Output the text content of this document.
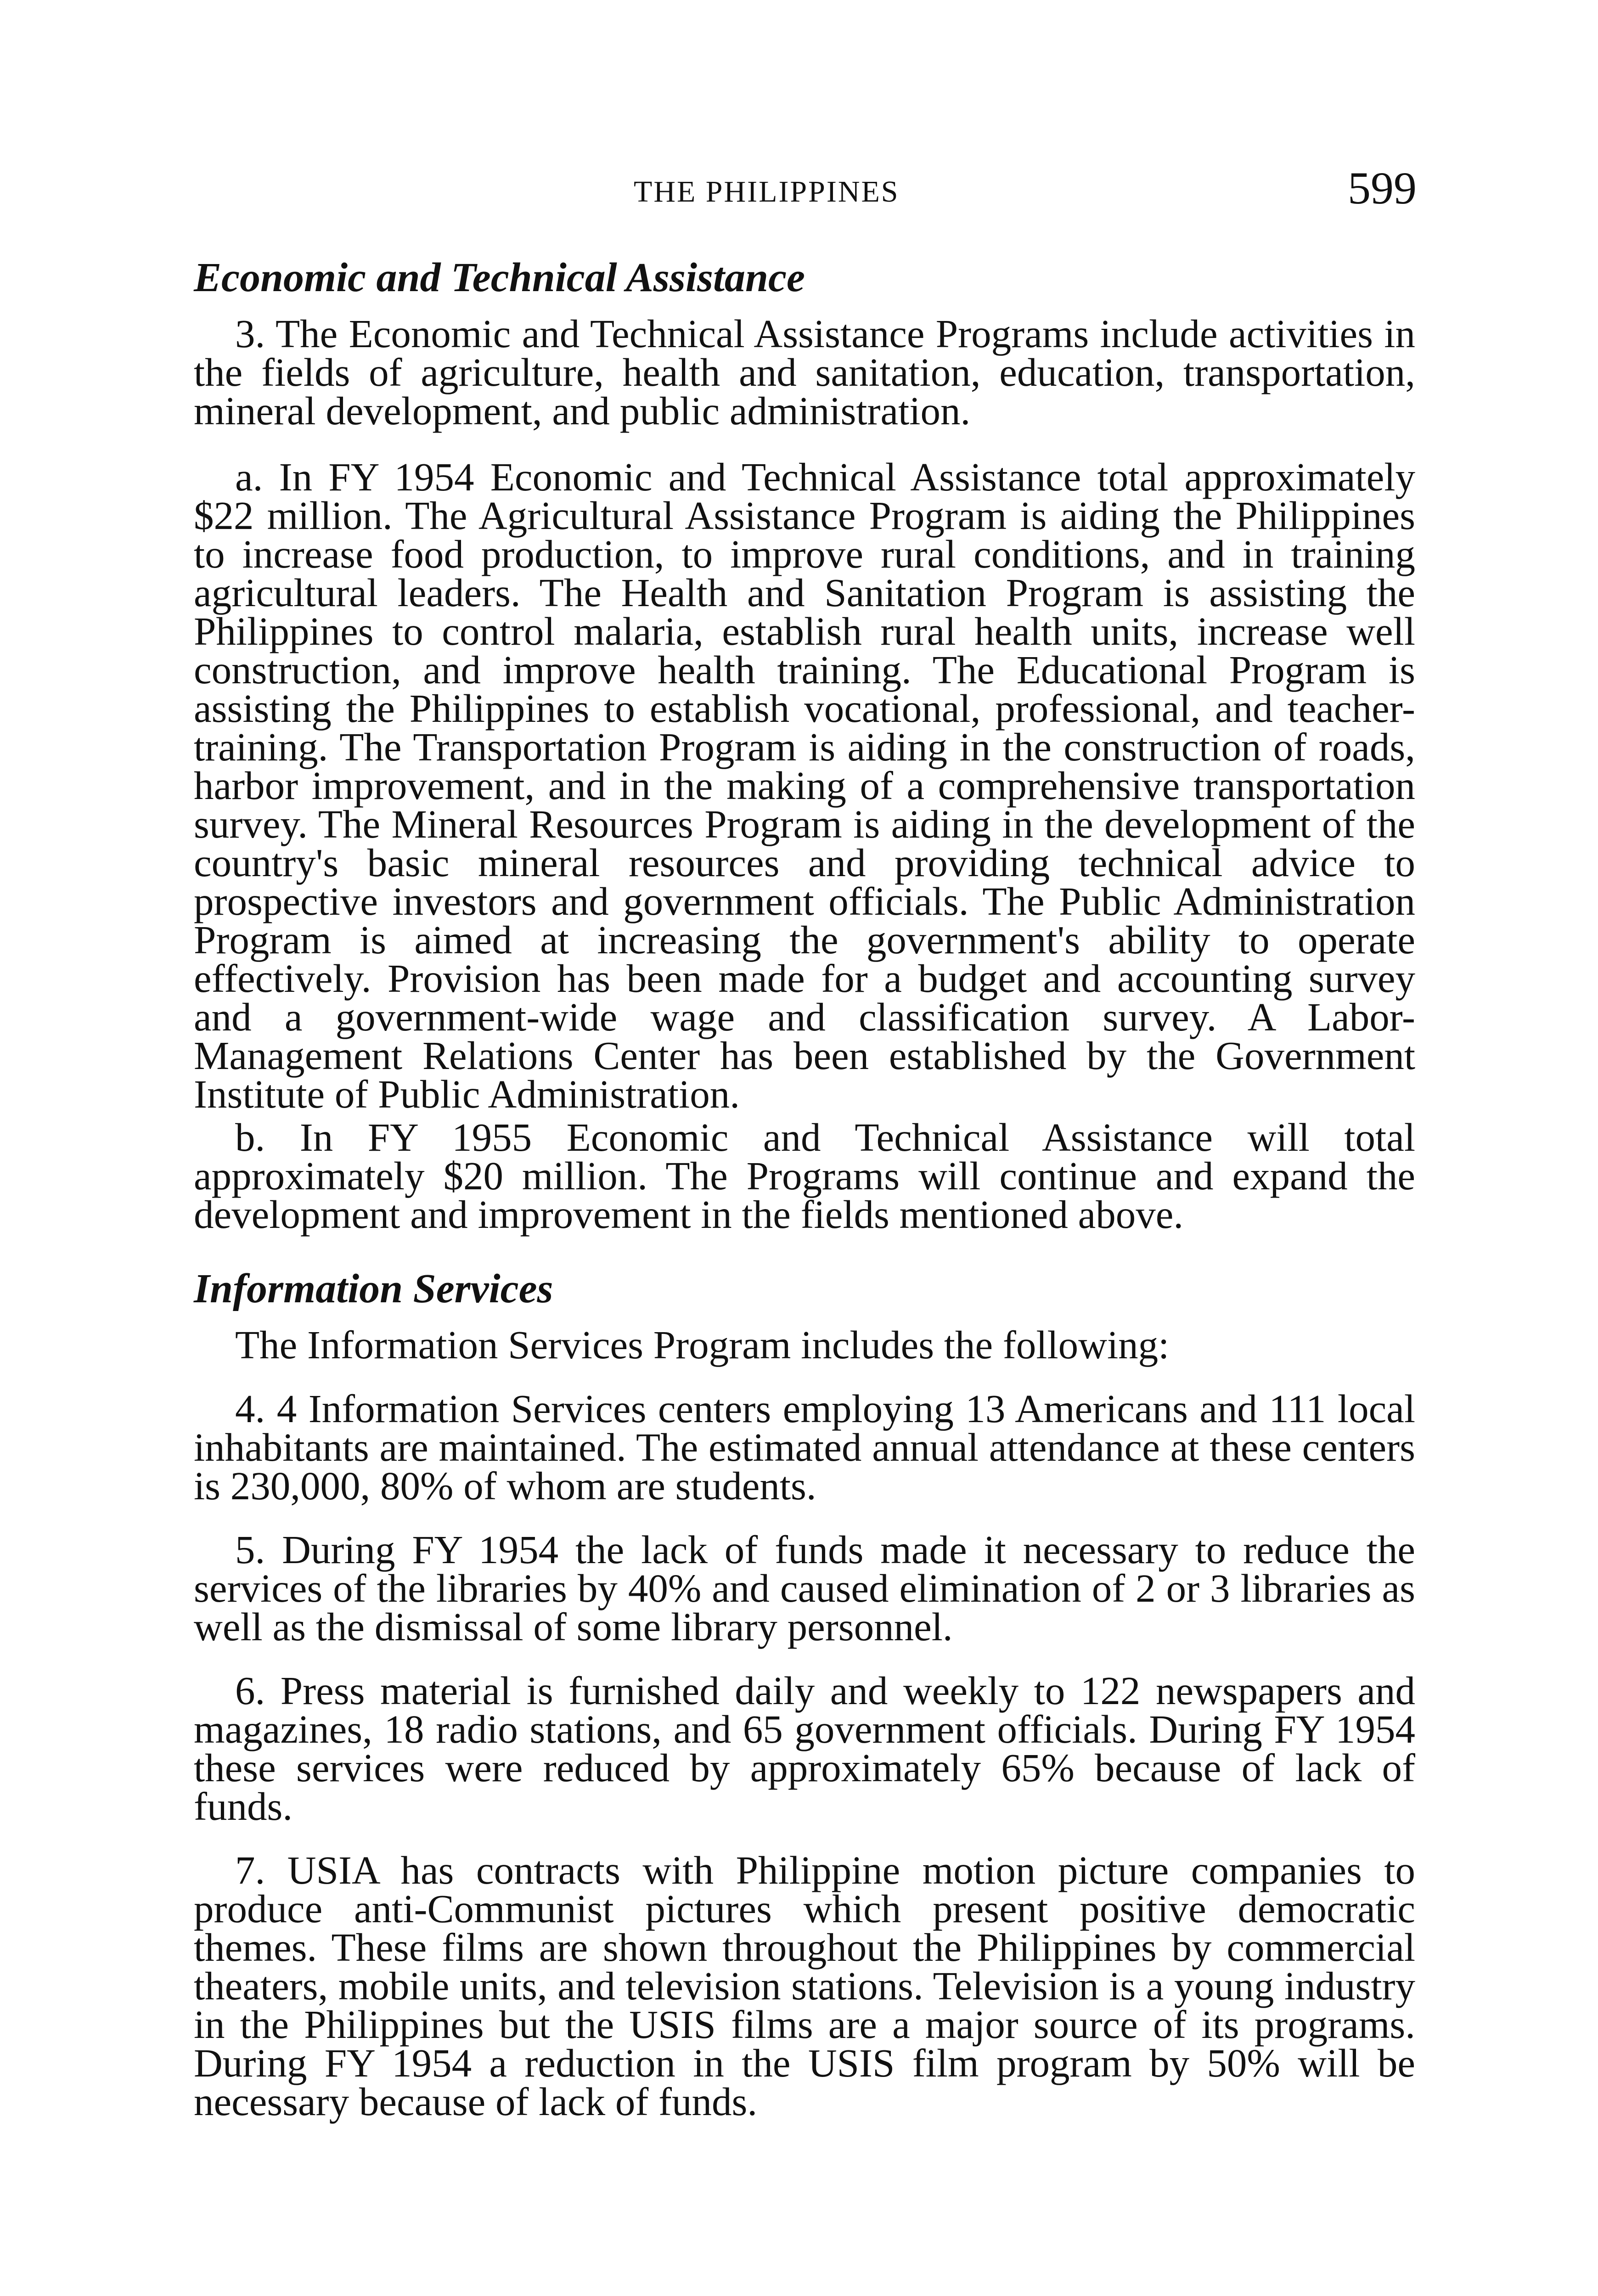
THE PHILIPPINES	599
Economic and Technical Assistance

3. The Economic and Technical Assistance Programs include activities in the fields of agriculture, health and sanitation, education, transportation, mineral development, and public administration.

a. In FY 1954 Economic and Technical Assistance total approximately $22 million. The Agricultural Assistance Program is aiding the Philippines to increase food production, to improve rural conditions, and in training agricultural leaders. The Health and Sanitation Program is assisting the Philippines to control malaria, establish rural health units, increase well construction, and improve health training. The Educational Program is assisting the Philippines to establish vocational, professional, and teacher-training. The Transportation Program is aiding in the construction of roads, harbor improvement, and in the making of a comprehensive transportation survey. The Mineral Resources Program is aiding in the development of the country's basic mineral resources and providing technical advice to prospective investors and government officials. The Public Administration Program is aimed at increasing the government's ability to operate effectively. Provision has been made for a budget and accounting survey and a government-wide wage and classification survey. A Labor-Management Relations Center has been established by the Government Institute of Public Administration.

b. In FY 1955 Economic and Technical Assistance will total approximately $20 million. The Programs will continue and expand the development and improvement in the fields mentioned above.

Information Services

The Information Services Program includes the following:

4. 4 Information Services centers employing 13 Americans and 111 local inhabitants are maintained. The estimated annual attendance at these centers is 230,000, 80% of whom are students.

5. During FY 1954 the lack of funds made it necessary to reduce the services of the libraries by 40% and caused elimination of 2 or 3 libraries as well as the dismissal of some library personnel.

6. Press material is furnished daily and weekly to 122 newspapers and magazines, 18 radio stations, and 65 government officials. During FY 1954 these services were reduced by approximately 65% because of lack of funds.

7. USIA has contracts with Philippine motion picture companies to produce anti-Communist pictures which present positive democratic themes. These films are shown throughout the Philippines by commercial theaters, mobile units, and television stations. Television is a young industry in the Philippines but the USIS films are a major source of its programs. During FY 1954 a reduction in the USIS film program by 50% will be necessary because of lack of funds.
